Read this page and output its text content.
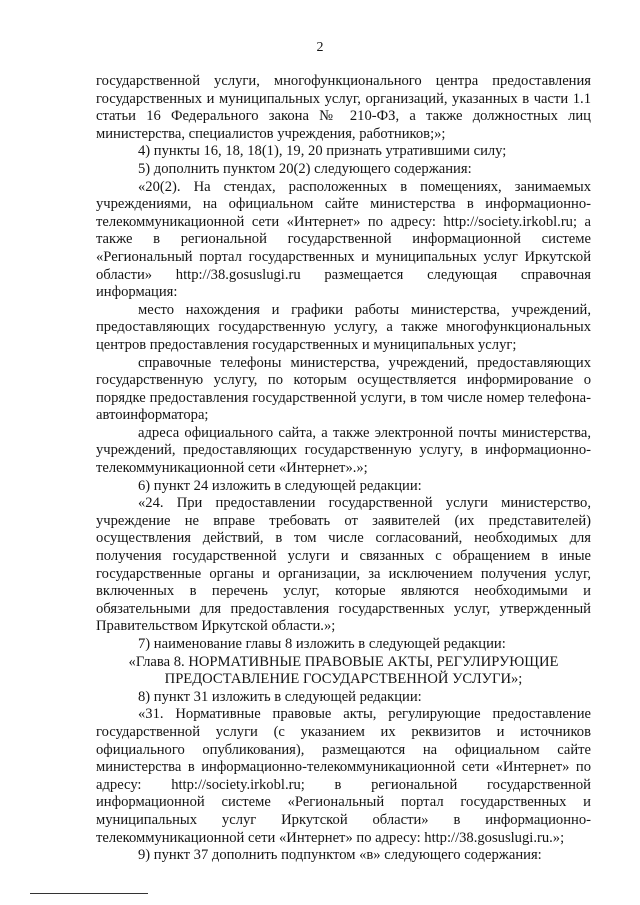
2

государственной услуги, многофункционального центра предоставления государственных и муниципальных услуг, организаций, указанных в части 1.1 статьи 16 Федерального закона № 210-ФЗ, а также должностных лиц министерства, специалистов учреждения, работников;»;

4) пункты 16, 18, 18(1), 19, 20 признать утратившими силу;

5) дополнить пунктом 20(2) следующего содержания:

«20(2). На стендах, расположенных в помещениях, занимаемых учреждениями, на официальном сайте министерства в информационно-телекоммуникационной сети «Интернет» по адресу: http://society.irkobl.ru; а также в региональной государственной информационной системе «Региональный портал государственных и муниципальных услуг Иркутской области» http://38.gosuslugi.ru размещается следующая справочная информация:

место нахождения и графики работы министерства, учреждений, предоставляющих государственную услугу, а также многофункциональных центров предоставления государственных и муниципальных услуг;

справочные телефоны министерства, учреждений, предоставляющих государственную услугу, по которым осуществляется информирование о порядке предоставления государственной услуги, в том числе номер телефона-автоинформатора;

адреса официального сайта, а также электронной почты министерства, учреждений, предоставляющих государственную услугу, в информационно-телекоммуникационной сети «Интернет».»;

6) пункт 24 изложить в следующей редакции:

«24. При предоставлении государственной услуги министерство, учреждение не вправе требовать от заявителей (их представителей) осуществления действий, в том числе согласований, необходимых для получения государственной услуги и связанных с обращением в иные государственные органы и организации, за исключением получения услуг, включенных в перечень услуг, которые являются необходимыми и обязательными для предоставления государственных услуг, утвержденный Правительством Иркутской области.»;

7) наименование главы 8 изложить в следующей редакции:

«Глава 8. НОРМАТИВНЫЕ ПРАВОВЫЕ АКТЫ, РЕГУЛИРУЮЩИЕ ПРЕДОСТАВЛЕНИЕ ГОСУДАРСТВЕННОЙ УСЛУГИ»;

8) пункт 31 изложить в следующей редакции:

«31. Нормативные правовые акты, регулирующие предоставление государственной услуги (с указанием их реквизитов и источников официального опубликования), размещаются на официальном сайте министерства в информационно-телекоммуникационной сети «Интернет» по адресу: http://society.irkobl.ru; в региональной государственной информационной системе «Региональный портал государственных и муниципальных услуг Иркутской области» в информационно-телекоммуникационной сети «Интернет» по адресу: http://38.gosuslugi.ru.»;

9) пункт 37 дополнить подпунктом «в» следующего содержания:
